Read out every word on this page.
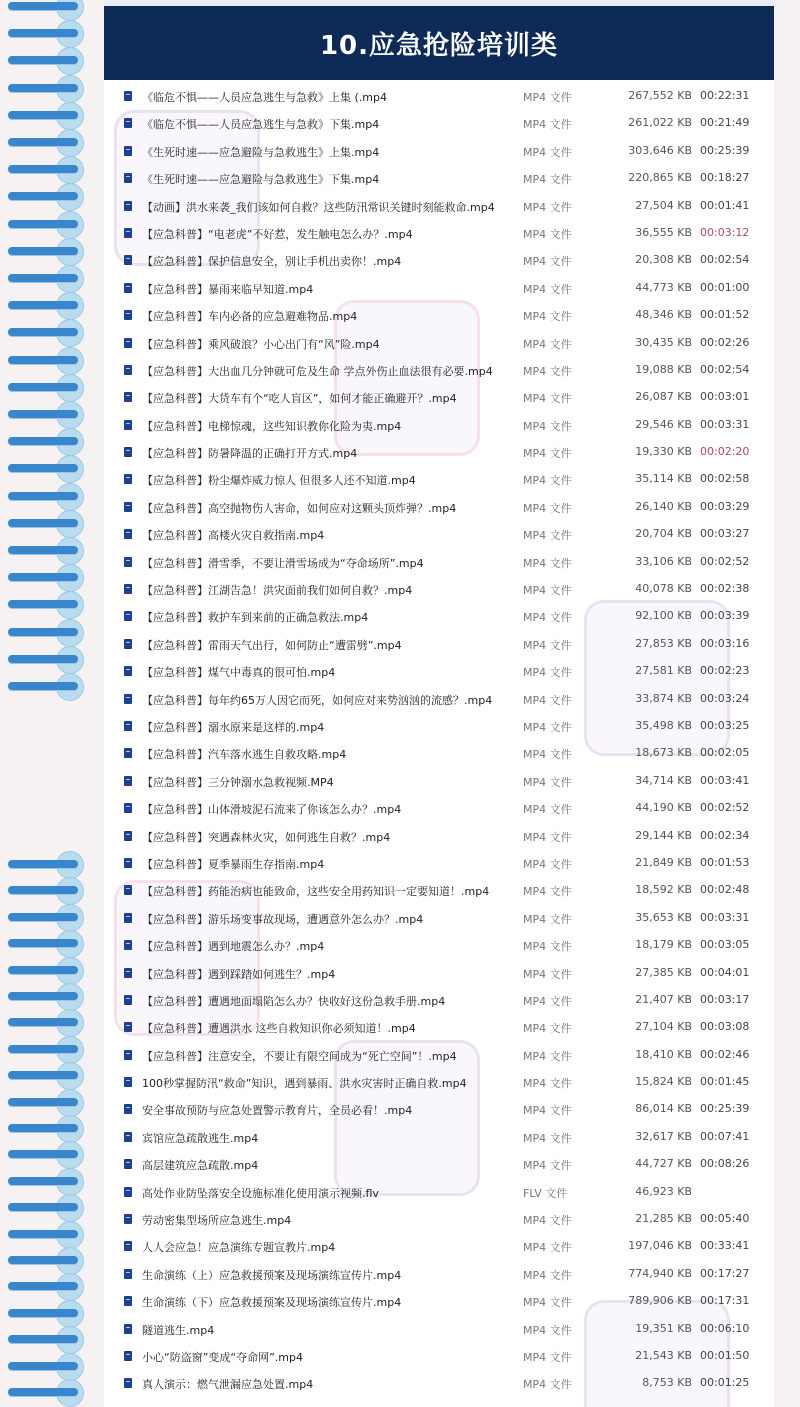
10.应急抢险培训类
《临危不惧——人员应急逃生与急救》上集 (.mp4	MP4 文件	267,552 KB 00:22:31
《临危不惧——人员应急逃生与急救》下集.mp4	MP4 文件	261,022 KB 00:21:49
《生死时速——应急避险与急救逃生》上集.mp4	MP4 文件	303,646 KB 00:25:39
《生死时速——应急避险与急救逃生》下集.mp4	MP4 文件	220,865 KB 00:18:27
【动画】洪水来袭_我们该如何自救？这些防汛常识关键时刻能救命.mp4	MP4 文件	27,504 KB 00:01:41
【应急科普】“电老虎”不好惹，发生触电怎么办？.mp4	MP4 文件	36,555 KB 00:03:12
【应急科普】保护信息安全，别让手机出卖你！.mp4	MP4 文件	20,308 KB 00:02:54
【应急科普】暴雨来临早知道.mp4	MP4 文件	44,773 KB 00:01:00
【应急科普】车内必备的应急避难物品.mp4	MP4 文件	48,346 KB 00:01:52
【应急科普】乘风破浪？小心出门有“风”险.mp4	MP4 文件	30,435 KB 00:02:26
【应急科普】大出血几分钟就可危及生命 学点外伤止血法很有必要.mp4	MP4 文件	19,088 KB 00:02:54
【应急科普】大货车有个“吃人盲区”，如何才能正确避开？.mp4	MP4 文件	26,087 KB 00:03:01
【应急科普】电梯惊魂，这些知识教你化险为夷.mp4	MP4 文件	29,546 KB 00:03:31
【应急科普】防暑降温的正确打开方式.mp4	MP4 文件	19,330 KB 00:02:20
【应急科普】粉尘爆炸威力惊人 但很多人还不知道.mp4	MP4 文件	35,114 KB 00:02:58
【应急科普】高空抛物伤人害命，如何应对这颗头顶炸弹？.mp4	MP4 文件	26,140 KB 00:03:29
【应急科普】高楼火灾自救指南.mp4	MP4 文件	20,704 KB 00:03:27
【应急科普】滑雪季，不要让滑雪场成为“夺命场所”.mp4	MP4 文件	33,106 KB 00:02:52
【应急科普】江湖告急！洪灾面前我们如何自救？.mp4	MP4 文件	40,078 KB 00:02:38
【应急科普】救护车到来前的正确急救法.mp4	MP4 文件	92,100 KB 00:03:39
【应急科普】雷雨天气出行，如何防止“遭雷劈”.mp4	MP4 文件	27,853 KB 00:03:16
【应急科普】煤气中毒真的很可怕.mp4	MP4 文件	27,581 KB 00:02:23
【应急科普】每年约65万人因它而死，如何应对来势汹汹的流感？.mp4	MP4 文件	33,874 KB 00:03:24
【应急科普】溺水原来是这样的.mp4	MP4 文件	35,498 KB 00:03:25
【应急科普】汽车落水逃生自救攻略.mp4	MP4 文件	18,673 KB 00:02:05
【应急科普】三分钟溺水急救视频.MP4	MP4 文件	34,714 KB 00:03:41
【应急科普】山体滑坡泥石流来了你该怎么办？.mp4	MP4 文件	44,190 KB 00:02:52
【应急科普】突遇森林火灾，如何逃生自救？.mp4	MP4 文件	29,144 KB 00:02:34
【应急科普】夏季暴雨生存指南.mp4	MP4 文件	21,849 KB 00:01:53
【应急科普】药能治病也能致命，这些安全用药知识一定要知道！.mp4	MP4 文件	18,592 KB 00:02:48
【应急科普】游乐场变事故现场，遭遇意外怎么办？.mp4	MP4 文件	35,653 KB 00:03:31
【应急科普】遇到地震怎么办？.mp4	MP4 文件	18,179 KB 00:03:05
【应急科普】遇到踩踏如何逃生？.mp4	MP4 文件	27,385 KB 00:04:01
【应急科普】遭遇地面塌陷怎么办？快收好这份急救手册.mp4	MP4 文件	21,407 KB 00:03:17
【应急科普】遭遇洪水 这些自救知识你必须知道！.mp4	MP4 文件	27,104 KB 00:03:08
【应急科普】注意安全，不要让有限空间成为“死亡空间”！.mp4	MP4 文件	18,410 KB 00:02:46
100秒掌握防汛“救命”知识，遇到暴雨、洪水灾害时正确自救.mp4	MP4 文件	15,824 KB 00:01:45
安全事故预防与应急处置警示教育片，全员必看！.mp4	MP4 文件	86,014 KB 00:25:39
宾馆应急疏散逃生.mp4	MP4 文件	32,617 KB 00:07:41
高层建筑应急疏散.mp4	MP4 文件	44,727 KB 00:08:26
高处作业防坠落安全设施标准化使用演示视频.flv	FLV 文件	46,923 KB
劳动密集型场所应急逃生.mp4	MP4 文件	21,285 KB 00:05:40
人人会应急！应急演练专题宣教片.mp4	MP4 文件	197,046 KB 00:33:41
生命演练（上）应急救援预案及现场演练宣传片.mp4	MP4 文件	774,940 KB 00:17:27
生命演练（下）应急救援预案及现场演练宣传片.mp4	MP4 文件	789,906 KB 00:17:31
隧道逃生.mp4	MP4 文件	19,351 KB 00:06:10
小心“防盗窗”变成“夺命网”.mp4	MP4 文件	21,543 KB 00:01:50
真人演示：燃气泄漏应急处置.mp4	MP4 文件	8,753 KB 00:01:25
